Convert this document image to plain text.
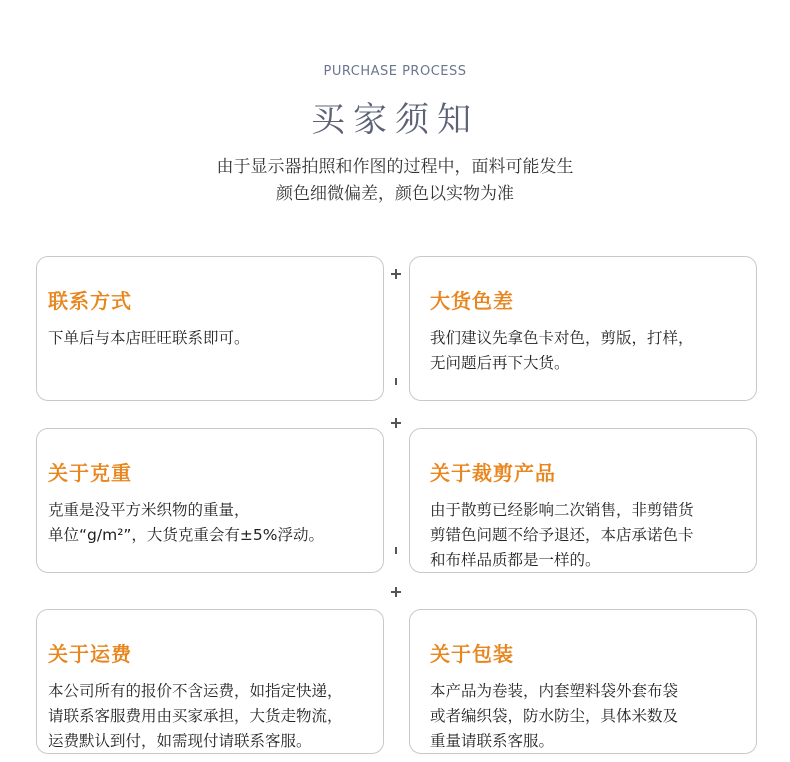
PURCHASE PROCESS
买家须知
由于显示器拍照和作图的过程中，面料可能发生
颜色细微偏差，颜色以实物为准
联系方式
下单后与本店旺旺联系即可。
大货色差
我们建议先拿色卡对色，剪版，打样，
无问题后再下大货。
关于克重
克重是没平方米织物的重量，
单位“g/m²”，大货克重会有±5%浮动。
关于裁剪产品
由于散剪已经影响二次销售，非剪错货
剪错色问题不给予退还，本店承诺色卡
和布样品质都是一样的。
关于运费
本公司所有的报价不含运费，如指定快递，
请联系客服费用由买家承担，大货走物流，
运费默认到付，如需现付请联系客服。
关于包装
本产品为卷装，内套塑料袋外套布袋
或者编织袋，防水防尘，具体米数及
重量请联系客服。
